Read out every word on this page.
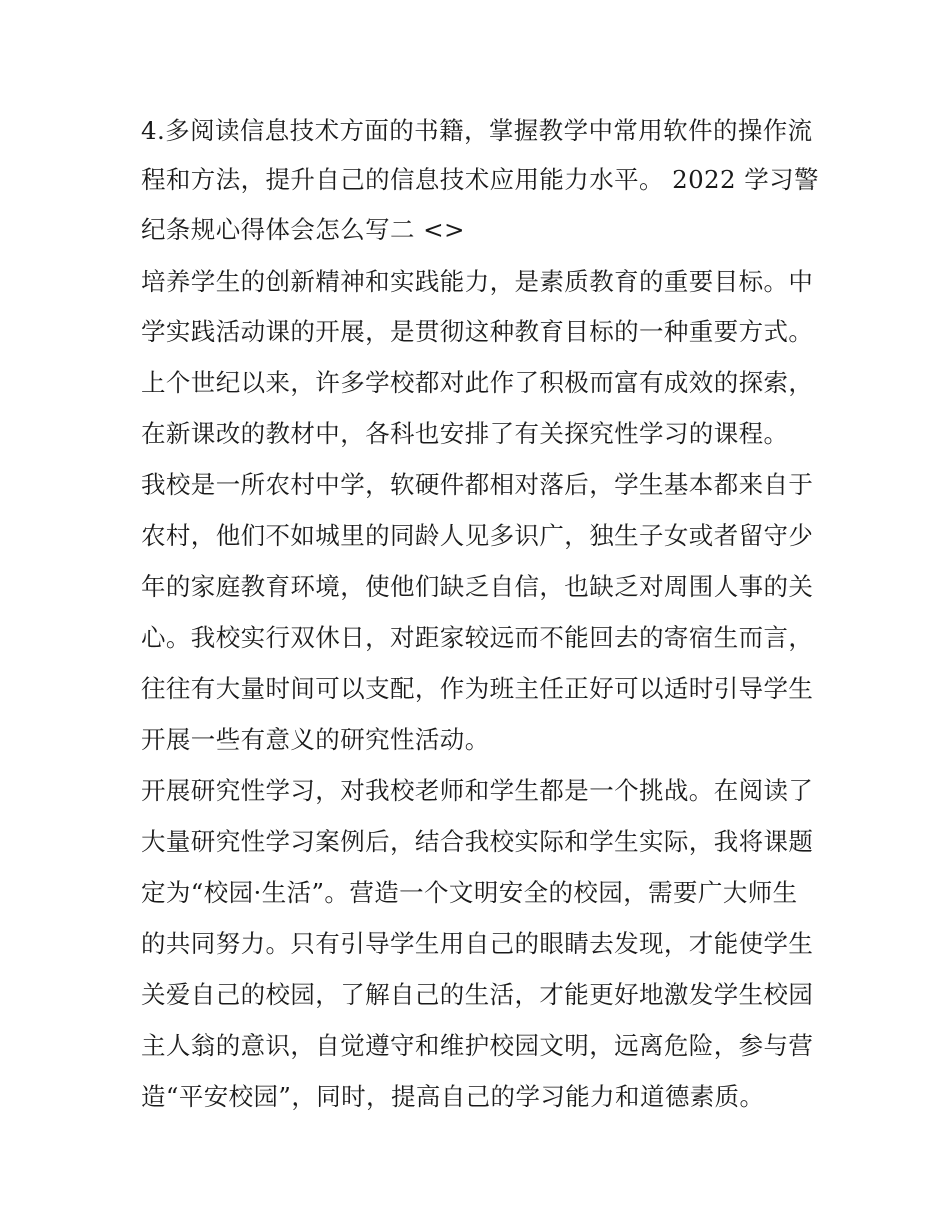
4.多阅读信息技术方面的书籍，掌握教学中常用软件的操作流
程和方法，提升自己的信息技术应用能力水平。 2022 学习警
纪条规心得体会怎么写二 <>
培养学生的创新精神和实践能力，是素质教育的重要目标。中
学实践活动课的开展，是贯彻这种教育目标的一种重要方式。
上个世纪以来，许多学校都对此作了积极而富有成效的探索，
在新课改的教材中，各科也安排了有关探究性学习的课程。
我校是一所农村中学，软硬件都相对落后，学生基本都来自于
农村，他们不如城里的同龄人见多识广，独生子女或者留守少
年的家庭教育环境，使他们缺乏自信，也缺乏对周围人事的关
心。我校实行双休日，对距家较远而不能回去的寄宿生而言，
往往有大量时间可以支配，作为班主任正好可以适时引导学生
开展一些有意义的研究性活动。
开展研究性学习，对我校老师和学生都是一个挑战。在阅读了
大量研究性学习案例后，结合我校实际和学生实际，我将课题
定为“校园·生活”。营造一个文明安全的校园，需要广大师生
的共同努力。只有引导学生用自己的眼睛去发现，才能使学生
关爱自己的校园，了解自己的生活，才能更好地激发学生校园
主人翁的意识，自觉遵守和维护校园文明，远离危险，参与营
造“平安校园”，同时，提高自己的学习能力和道德素质。
